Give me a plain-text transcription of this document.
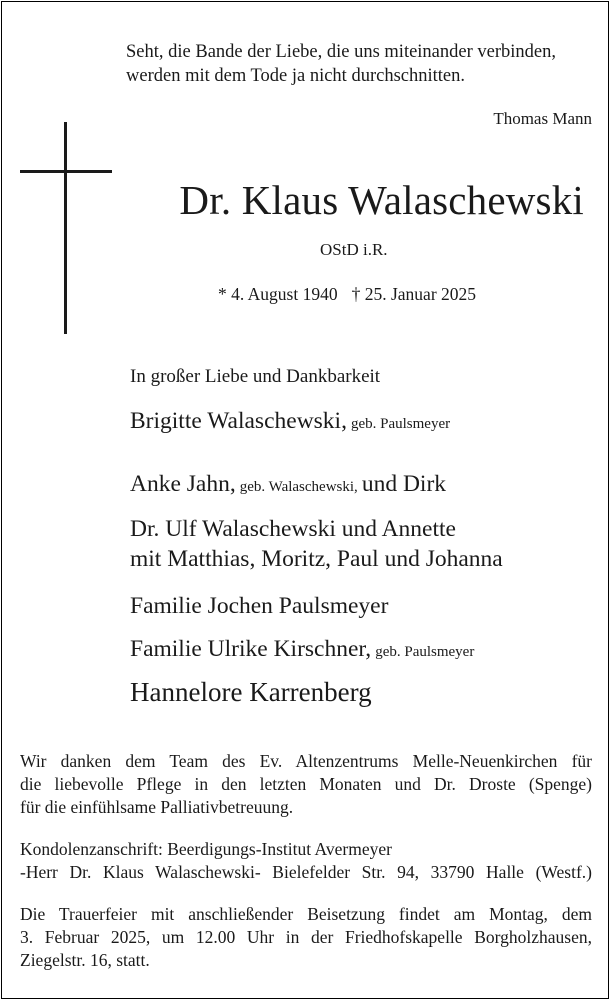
Seht, die Bande der Liebe, die uns miteinander verbinden,
werden mit dem Tode ja nicht durchschnitten.
Thomas Mann
Dr. Klaus Walaschewski
OStD i.R.
* 4. August 1940 † 25. Januar 2025
In großer Liebe und Dankbarkeit
Brigitte Walaschewski, geb. Paulsmeyer
Anke Jahn, geb. Walaschewski, und Dirk
Dr. Ulf Walaschewski und Annette
mit Matthias, Moritz, Paul und Johanna
Familie Jochen Paulsmeyer
Familie Ulrike Kirschner, geb. Paulsmeyer
Hannelore Karrenberg
Wir danken dem Team des Ev. Altenzentrums Melle-Neuenkirchen für
die liebevolle Pflege in den letzten Monaten und Dr. Droste (Spenge)
für die einfühlsame Palliativbetreuung.
Kondolenzanschrift: Beerdigungs-Institut Avermeyer
-Herr Dr. Klaus Walaschewski- Bielefelder Str. 94, 33790 Halle (Westf.)
Die Trauerfeier mit anschließender Beisetzung findet am Montag, dem
3. Februar 2025, um 12.00 Uhr in der Friedhofskapelle Borgholzhausen,
Ziegelstr. 16, statt.
